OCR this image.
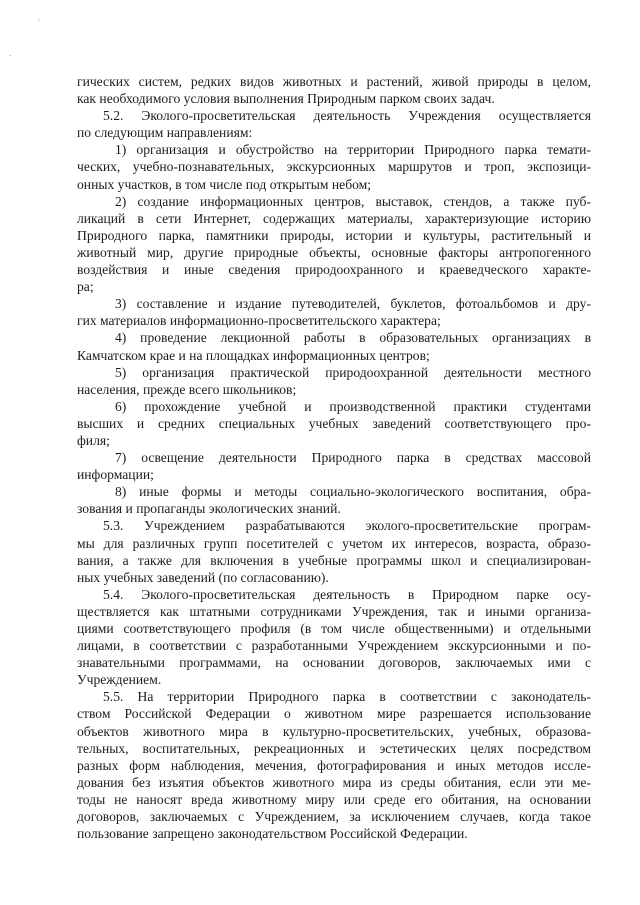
'
.
гических систем, редких видов животных и растений, живой природы в целом,
как необходимого условия выполнения Природным парком своих задач.
5.2. Эколого-просветительская деятельность Учреждения осуществляется
по следующим направлениям:
1) организация и обустройство на территории Природного парка темати-
ческих, учебно-познавательных, экскурсионных маршрутов и троп, экспозици-
онных участков, в том числе под открытым небом;
2) создание информационных центров, выставок, стендов, а также пуб-
ликаций в сети Интернет, содержащих материалы, характеризующие историю
Природного парка, памятники природы, истории и культуры, растительный и
животный мир, другие природные объекты, основные факторы антропогенного
воздействия и иные сведения природоохранного и краеведческого характе-
ра;
3) составление и издание путеводителей, буклетов, фотоальбомов и дру-
гих материалов информационно-просветительского характера;
4) проведение лекционной работы в образовательных организациях в
Камчатском крае и на площадках информационных центров;
5) организация практической природоохранной деятельности местного
населения, прежде всего школьников;
6) прохождение учебной и производственной практики студентами
высших и средних специальных учебных заведений соответствующего про-
филя;
7) освещение деятельности Природного парка в средствах массовой
информации;
8) иные формы и методы социально-экологического воспитания, обра-
зования и пропаганды экологических знаний.
5.3. Учреждением разрабатываются эколого-просветительские програм-
мы для различных групп посетителей с учетом их интересов, возраста, образо-
вания, а также для включения в учебные программы школ и специализирован-
ных учебных заведений (по согласованию).
5.4. Эколого-просветительская деятельность в Природном парке осу-
ществляется как штатными сотрудниками Учреждения, так и иными организа-
циями соответствующего профиля (в том числе общественными) и отдельными
лицами, в соответствии с разработанными Учреждением экскурсионными и по-
знавательными программами, на основании договоров, заключаемых ими с
Учреждением.
5.5. На территории Природного парка в соответствии с законодатель-
ством Российской Федерации о животном мире разрешается использование
объектов животного мира в культурно-просветительских, учебных, образова-
тельных, воспитательных, рекреационных и эстетических целях посредством
разных форм наблюдения, мечения, фотографирования и иных методов иссле-
дования без изъятия объектов животного мира из среды обитания, если эти ме-
тоды не наносят вреда животному миру или среде его обитания, на основании
договоров, заключаемых с Учреждением, за исключением случаев, когда такое
пользование запрещено законодательством Российской Федерации.
